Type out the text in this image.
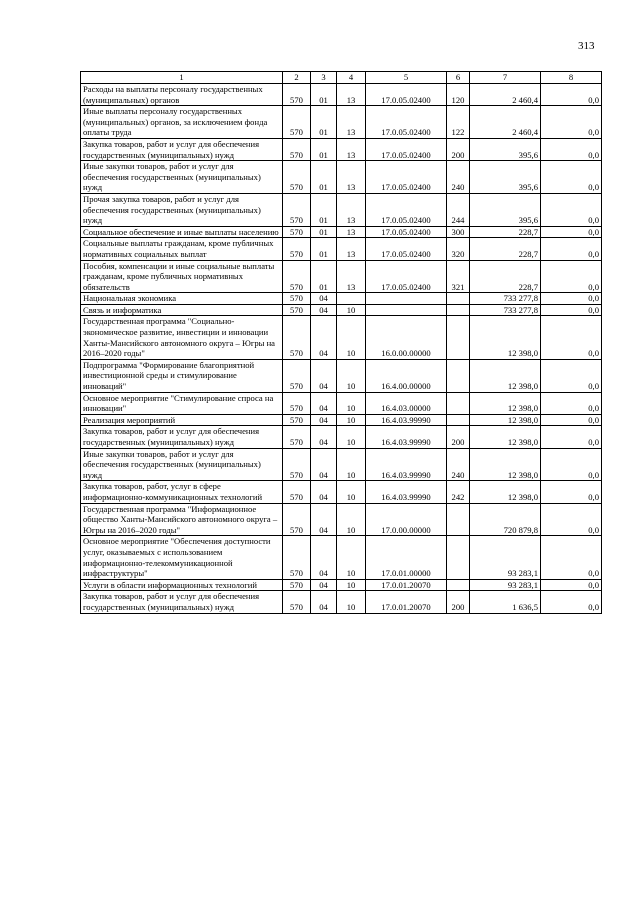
313
1	2	3	4	5	6	7	8
Расходы на выплаты персоналу государственных (муниципальных) органов	570	01	13	17.0.05.02400	120	2 460,4	0,0
Иные выплаты персоналу государственных (муниципальных) органов, за исключением фонда оплаты труда	570	01	13	17.0.05.02400	122	2 460,4	0,0
Закупка товаров, работ и услуг для обеспечения государственных (муниципальных) нужд	570	01	13	17.0.05.02400	200	395,6	0,0
Иные закупки товаров, работ и услуг для обеспечения государственных (муниципальных) нужд	570	01	13	17.0.05.02400	240	395,6	0,0
Прочая закупка товаров, работ и услуг для обеспечения государственных (муниципальных) нужд	570	01	13	17.0.05.02400	244	395,6	0,0
Социальное обеспечение и иные выплаты населению	570	01	13	17.0.05.02400	300	228,7	0,0
Социальные выплаты гражданам, кроме публичных нормативных социальных выплат	570	01	13	17.0.05.02400	320	228,7	0,0
Пособия, компенсации и иные социальные выплаты гражданам, кроме публичных нормативных обязательств	570	01	13	17.0.05.02400	321	228,7	0,0
Национальная экономика	570	04				733 277,8	0,0
Связь и информатика	570	04	10			733 277,8	0,0
Государственная программа "Социально-экономическое развитие, инвестиции и инновации Ханты-Мансийского автономного округа – Югры на 2016–2020 годы"	570	04	10	16.0.00.00000		12 398,0	0,0
Подпрограмма "Формирование благоприятной инвестиционной среды и стимулирование инноваций"	570	04	10	16.4.00.00000		12 398,0	0,0
Основное мероприятие "Стимулирование спроса на инновации"	570	04	10	16.4.03.00000		12 398,0	0,0
Реализация мероприятий	570	04	10	16.4.03.99990		12 398,0	0,0
Закупка товаров, работ и услуг для обеспечения государственных (муниципальных) нужд	570	04	10	16.4.03.99990	200	12 398,0	0,0
Иные закупки товаров, работ и услуг для обеспечения государственных (муниципальных) нужд	570	04	10	16.4.03.99990	240	12 398,0	0,0
Закупка товаров, работ, услуг в сфере информационно-коммуникационных технологий	570	04	10	16.4.03.99990	242	12 398,0	0,0
Государственная программа "Информационное общество Ханты-Мансийского автономного округа – Югры на 2016–2020 годы"	570	04	10	17.0.00.00000		720 879,8	0,0
Основное мероприятие "Обеспечения доступности услуг, оказываемых с использованием информационно-телекоммуникационной инфраструктуры"	570	04	10	17.0.01.00000		93 283,1	0,0
Услуги в области информационных технологий	570	04	10	17.0.01.20070		93 283,1	0,0
Закупка товаров, работ и услуг для обеспечения государственных (муниципальных) нужд	570	04	10	17.0.01.20070	200	1 636,5	0,0
